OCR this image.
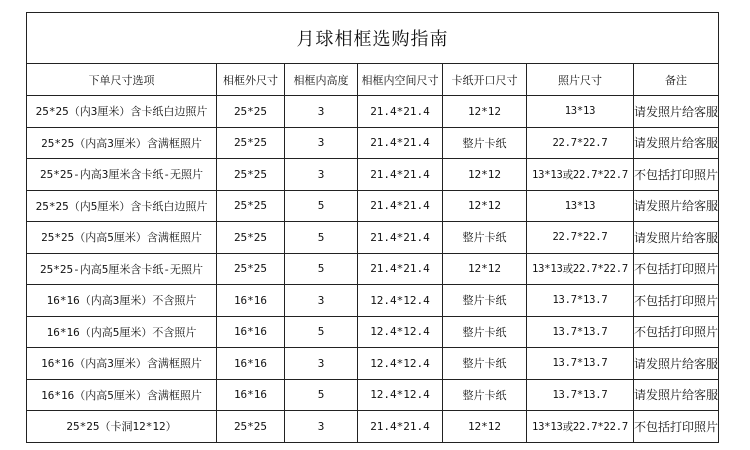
月球相框选购指南						
下单尺寸选项	相框外尺寸	相框内高度	相框内空间尺寸	卡纸开口尺寸	照片尺寸	备注
25*25（内3厘米）含卡纸白边照片	25*25	3	21.4*21.4	12*12	13*13	请发照片给客服
25*25（内高3厘米）含满框照片	25*25	3	21.4*21.4	整片卡纸	22.7*22.7	请发照片给客服
25*25-内高3厘米含卡纸-无照片	25*25	3	21.4*21.4	12*12	13*13或22.7*22.7	不包括打印照片
25*25（内5厘米）含卡纸白边照片	25*25	5	21.4*21.4	12*12	13*13	请发照片给客服
25*25（内高5厘米）含满框照片	25*25	5	21.4*21.4	整片卡纸	22.7*22.7	请发照片给客服
25*25-内高5厘米含卡纸-无照片	25*25	5	21.4*21.4	12*12	13*13或22.7*22.7	不包括打印照片
16*16（内高3厘米）不含照片	16*16	3	12.4*12.4	整片卡纸	13.7*13.7	不包括打印照片
16*16（内高5厘米）不含照片	16*16	5	12.4*12.4	整片卡纸	13.7*13.7	不包括打印照片
16*16（内高3厘米）含满框照片	16*16	3	12.4*12.4	整片卡纸	13.7*13.7	请发照片给客服
16*16（内高5厘米）含满框照片	16*16	5	12.4*12.4	整片卡纸	13.7*13.7	请发照片给客服
25*25（卡洞12*12）	25*25	3	21.4*21.4	12*12	13*13或22.7*22.7	不包括打印照片
